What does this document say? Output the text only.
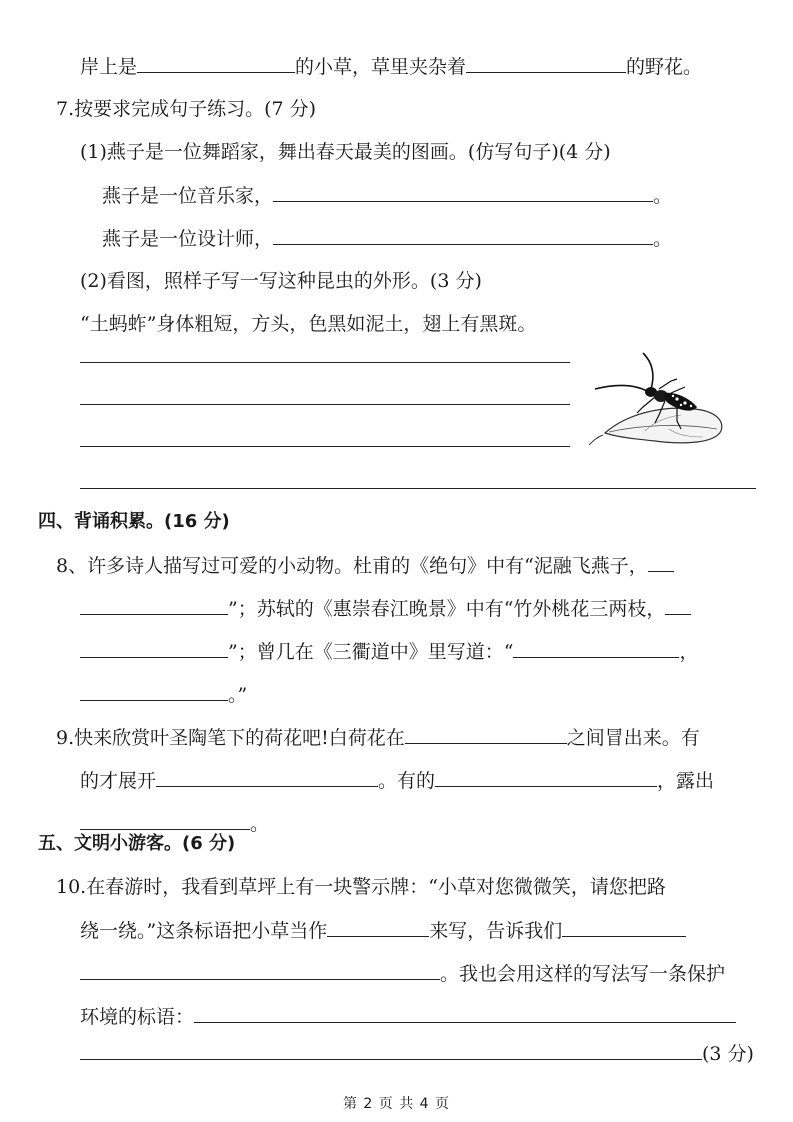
岸上是	的小草，草里夹杂着	的野花。
7.按要求完成句子练习。(7 分)
(1)燕子是一位舞蹈家，舞出春天最美的图画。(仿写句子)(4 分)
燕子是一位音乐家，	。
燕子是一位设计师，	。
(2)看图，照样子写一写这种昆虫的外形。(3 分)
“土蚂蚱”身体粗短，方头，色黑如泥土，翅上有黑斑。
四、背诵积累。(16 分)
8、许多诗人描写过可爱的小动物。杜甫的《绝句》中有“泥融飞燕子，
”；苏轼的《惠崇春江晚景》中有“竹外桃花三两枝，
”；曾几在《三衢道中》里写道：“	，
。”
9.快来欣赏叶圣陶笔下的荷花吧!白荷花在	之间冒出来。有
的才展开	。有的	，露出
。
五、文明小游客。(6 分)
10.在春游时，我看到草坪上有一块警示牌：“小草对您微微笑，请您把路
绕一绕。”这条标语把小草当作	来写，告诉我们
。我也会用这样的写法写一条保护
环境的标语：
(3 分)
第 2 页 共 4 页
